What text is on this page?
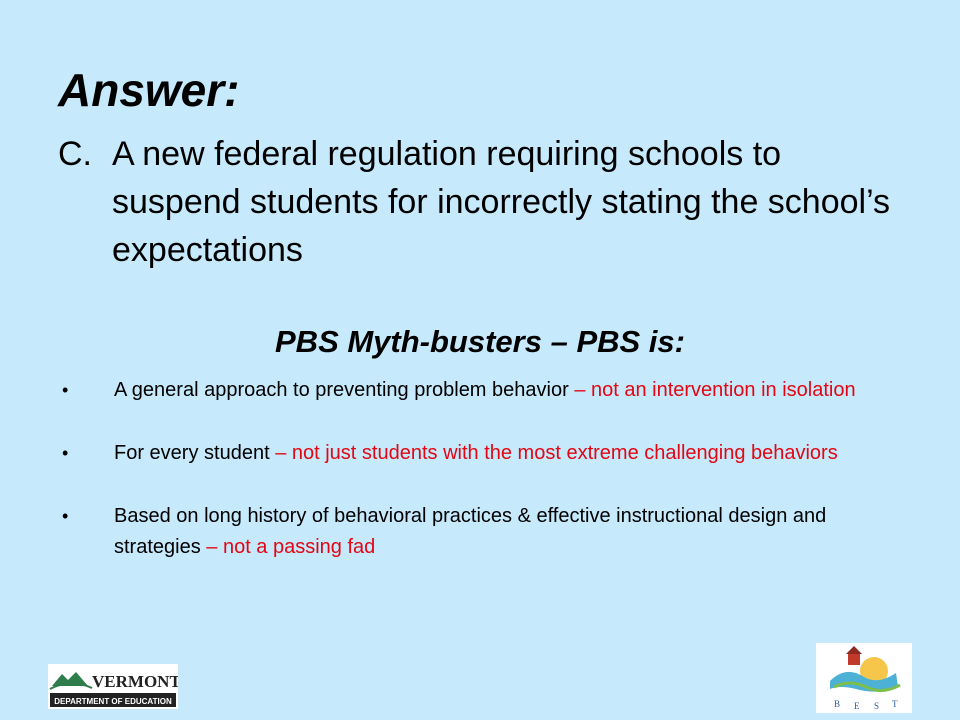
Answer:
C. A new federal regulation requiring schools to suspend students for incorrectly stating the school’s expectations
PBS Myth-busters – PBS is:
• A general approach to preventing problem behavior – not an intervention in isolation
• For every student – not just students with the most extreme challenging behaviors
• Based on long history of behavioral practices & effective instructional design and strategies – not a passing fad
VERMONT
DEPARTMENT OF EDUCATION	B E S T
